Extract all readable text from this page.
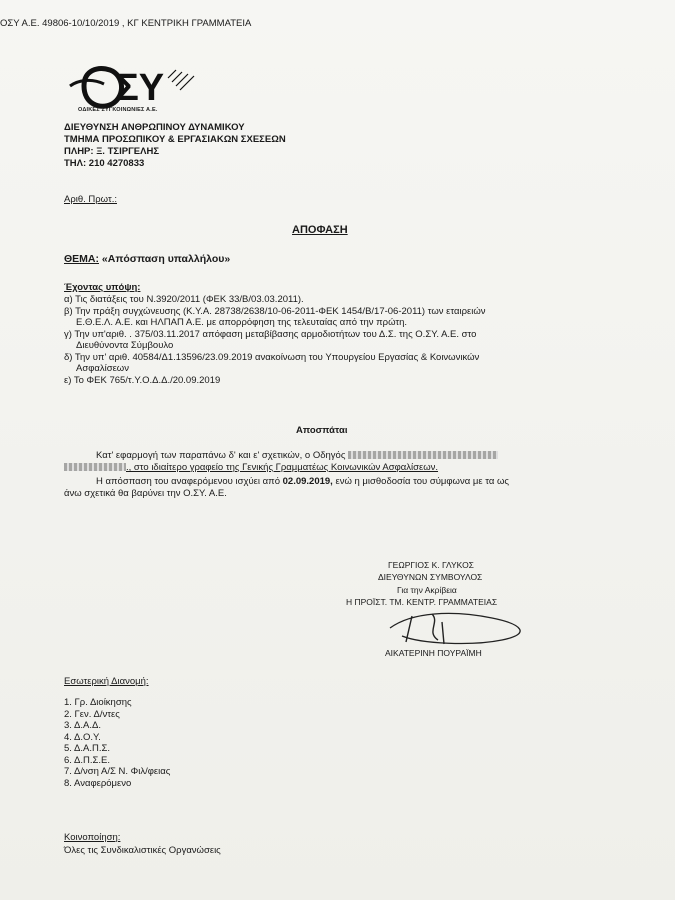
ΟΣΥ Α.Ε. 49806-10/10/2019 , ΚΓ ΚΕΝΤΡΙΚΗ ΓΡΑΜΜΑΤΕΙΑ
ΣΥ
ΟΔΙΚΕΣ ΣΥΓΚΟΙΝΩΝΙΕΣ Α.Ε.
ΔΙΕΥΘΥΝΣΗ ΑΝΘΡΩΠΙΝΟΥ ΔΥΝΑΜΙΚΟΥ
ΤΜΗΜΑ ΠΡΟΣΩΠΙΚΟΥ & ΕΡΓΑΣΙΑΚΩΝ ΣΧΕΣΕΩΝ
ΠΛΗΡ: Ξ. ΤΣΙΡΓΕΛΗΣ
ΤΗΛ: 210 4270833
Αριθ. Πρωτ.:
ΑΠΟΦΑΣΗ
ΘΕΜΑ: «Απόσπαση υπαλλήλου»
Έχοντας υπόψη:
α) Τις διατάξεις του Ν.3920/2011 (ΦΕΚ 33/Β/03.03.2011).
β) Την πράξη συγχώνευσης (Κ.Υ.Α. 28738/2638/10-06-2011-ΦΕΚ 1454/Β/17-06-2011) των εταιρειών
Ε.Θ.Ε.Λ. Α.Ε. και ΗΛΠΑΠ Α.Ε. με απορρόφηση της τελευταίας από την πρώτη.
γ) Την υπ'αριθ. . 375/03.11.2017 απόφαση μεταβίβασης αρμοδιοτήτων του Δ.Σ. της Ο.ΣΥ. Α.Ε. στο
Διευθύνοντα Σύμβουλο
δ) Την υπ' αριθ. 40584/Δ1.13596/23.09.2019 ανακοίνωση του Υπουργείου Εργασίας & Κοινωνικών
Ασφαλίσεων
ε) Το ΦΕΚ 765/τ.Υ.Ο.Δ.Δ./20.09.2019
Αποσπάται
Κατ' εφαρμογή των παραπάνω δ' και ε' σχετικών, ο Οδηγός
., στο ιδιαίτερο γραφείο της Γενικής Γραμματέως Κοινωνικών Ασφαλίσεων.
Η απόσπαση του αναφερόμενου ισχύει από 02.09.2019, ενώ η μισθοδοσία του σύμφωνα με τα ως
άνω σχετικά θα βαρύνει την Ο.ΣΥ. Α.Ε.
ΓΕΩΡΓΙΟΣ Κ. ΓΛΥΚΟΣ
ΔΙΕΥΘΥΝΩΝ ΣΥΜΒΟΥΛΟΣ
Για την Ακρίβεια
Η ΠΡΟΪΣΤ. ΤΜ. ΚΕΝΤΡ. ΓΡΑΜΜΑΤΕΙΑΣ
ΑΙΚΑΤΕΡΙΝΗ ΠΟΥΡΑΪΜΗ
Εσωτερική Διανομή:
1. Γρ. Διοίκησης
2. Γεν. Δ/ντες
3. Δ.Α.Δ.
4. Δ.Ο.Υ.
5. Δ.Α.Π.Σ.
6. Δ.Π.Σ.Ε.
7. Δ/νση Α/Σ Ν. Φιλ/φειας
8. Αναφερόμενο
Κοινοποίηση:
Όλες τις Συνδικαλιστικές Οργανώσεις
